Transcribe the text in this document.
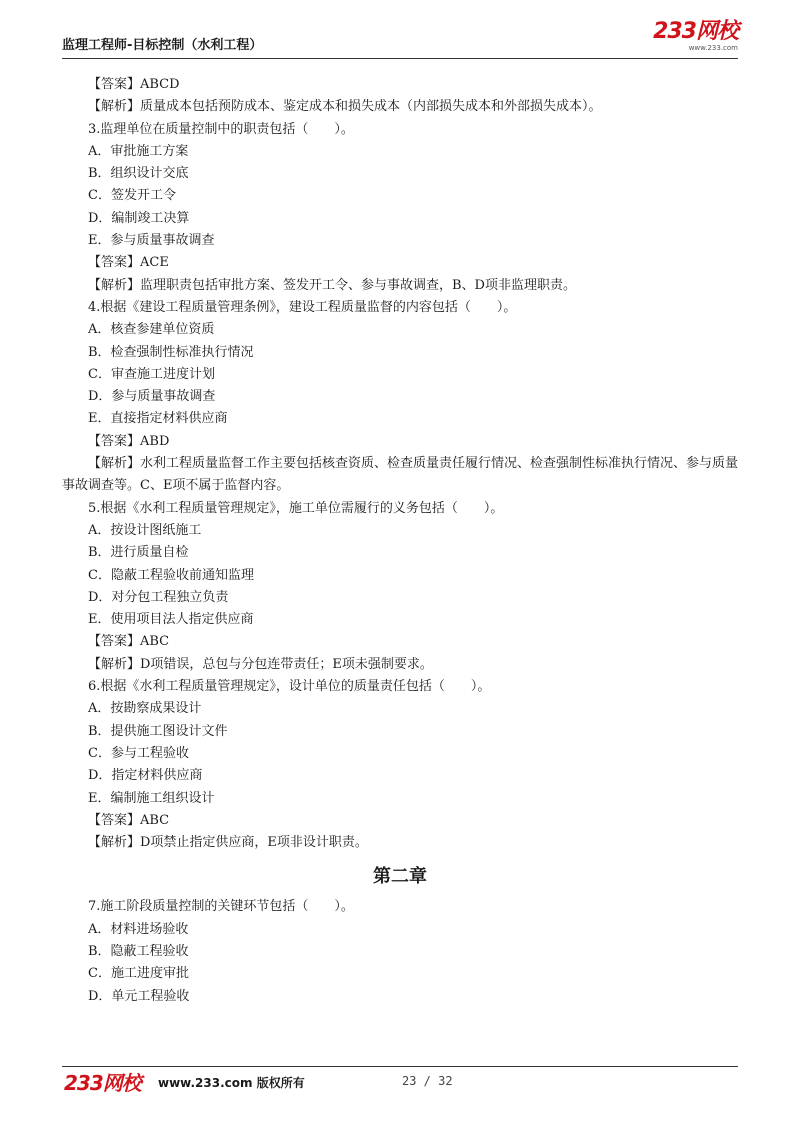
监理工程师-目标控制（水利工程）
233网校
www.233.com
【答案】ABCD
【解析】质量成本包括预防成本、鉴定成本和损失成本（内部损失成本和外部损失成本）。
3.监理单位在质量控制中的职责包括（　　）。
A．审批施工方案
B．组织设计交底
C．签发开工令
D．编制竣工决算
E．参与质量事故调查
【答案】ACE
【解析】监理职责包括审批方案、签发开工令、参与事故调查，B、D项非监理职责。
4.根据《建设工程质量管理条例》，建设工程质量监督的内容包括（　　）。
A．核查参建单位资质
B．检查强制性标准执行情况
C．审查施工进度计划
D．参与质量事故调查
E．直接指定材料供应商
【答案】ABD
【解析】水利工程质量监督工作主要包括核查资质、检查质量责任履行情况、检查强制性标准执行情况、参与质量事故调查等。C、E项不属于监督内容。
5.根据《水利工程质量管理规定》，施工单位需履行的义务包括（　　）。
A．按设计图纸施工
B．进行质量自检
C．隐蔽工程验收前通知监理
D．对分包工程独立负责
E．使用项目法人指定供应商
【答案】ABC
【解析】D项错误，总包与分包连带责任；E项未强制要求。
6.根据《水利工程质量管理规定》，设计单位的质量责任包括（　　）。
A．按勘察成果设计
B．提供施工图设计文件
C．参与工程验收
D．指定材料供应商
E．编制施工组织设计
【答案】ABC
【解析】D项禁止指定供应商，E项非设计职责。
第二章
7.施工阶段质量控制的关键环节包括（　　）。
A．材料进场验收
B．隐蔽工程验收
C．施工进度审批
D．单元工程验收
233网校 www.233.com 版权所有	23 / 32
